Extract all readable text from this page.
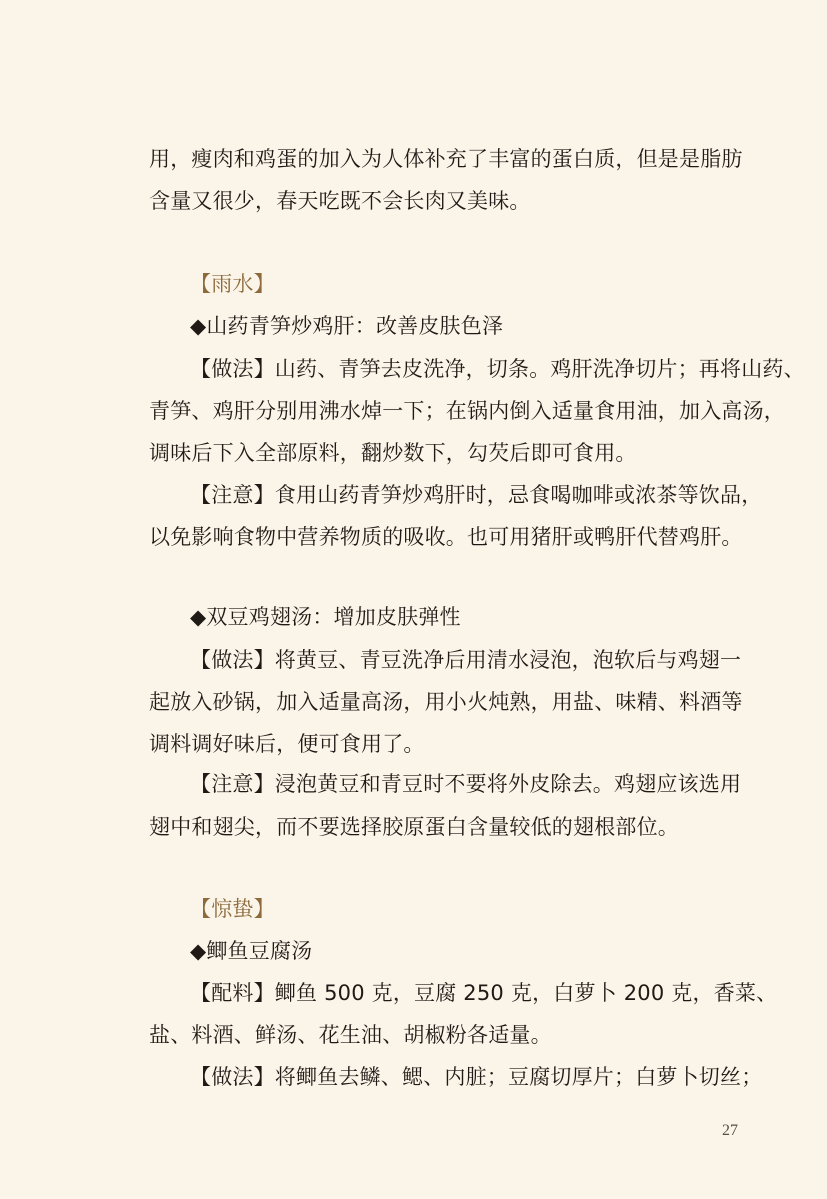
用，瘦肉和鸡蛋的加入为人体补充了丰富的蛋白质，但是是脂肪
含量又很少，春天吃既不会长肉又美味。
【雨水】
◆山药青笋炒鸡肝：改善皮肤色泽
【做法】山药、青笋去皮洗净，切条。鸡肝洗净切片；再将山药、
青笋、鸡肝分别用沸水焯一下；在锅内倒入适量食用油，加入高汤，
调味后下入全部原料，翻炒数下，勾芡后即可食用。
【注意】食用山药青笋炒鸡肝时，忌食喝咖啡或浓茶等饮品，
以免影响食物中营养物质的吸收。也可用猪肝或鸭肝代替鸡肝。
◆双豆鸡翅汤：增加皮肤弹性
【做法】将黄豆、青豆洗净后用清水浸泡，泡软后与鸡翅一
起放入砂锅，加入适量高汤，用小火炖熟，用盐、味精、料酒等
调料调好味后，便可食用了。
【注意】浸泡黄豆和青豆时不要将外皮除去。鸡翅应该选用
翅中和翅尖，而不要选择胶原蛋白含量较低的翅根部位。
【惊蛰】
◆鲫鱼豆腐汤
【配料】鲫鱼 500 克，豆腐 250 克，白萝卜 200 克，香菜、
盐、料酒、鲜汤、花生油、胡椒粉各适量。
【做法】将鲫鱼去鳞、鳃、内脏；豆腐切厚片；白萝卜切丝；
27
